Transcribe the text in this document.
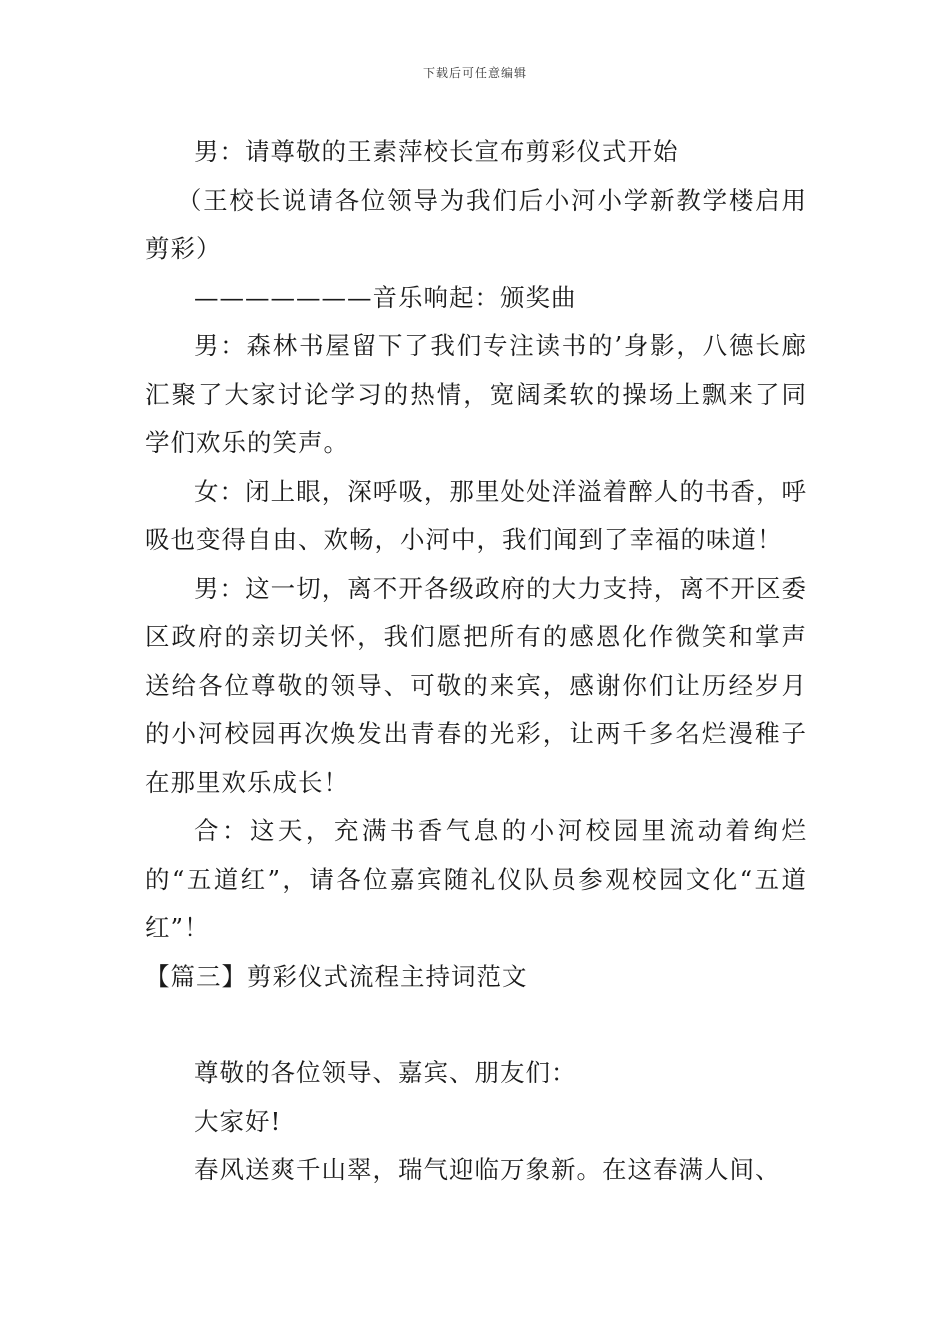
下载后可任意编辑

男：请尊敬的王素萍校长宣布剪彩仪式开始

（王校长说请各位领导为我们后小河小学新教学楼启用剪彩）

———————音乐响起：颁奖曲

男：森林书屋留下了我们专注读书的’身影，八德长廊汇聚了大家讨论学习的热情，宽阔柔软的操场上飘来了同学们欢乐的笑声。

女：闭上眼，深呼吸，那里处处洋溢着醉人的书香，呼吸也变得自由、欢畅，小河中，我们闻到了幸福的味道！

男：这一切，离不开各级政府的大力支持，离不开区委区政府的亲切关怀，我们愿把所有的感恩化作微笑和掌声送给各位尊敬的领导、可敬的来宾，感谢你们让历经岁月的小河校园再次焕发出青春的光彩，让两千多名烂漫稚子在那里欢乐成长！

合：这天，充满书香气息的小河校园里流动着绚烂的“五道红”，请各位嘉宾随礼仪队员参观校园文化“五道红”！

【篇三】剪彩仪式流程主持词范文

尊敬的各位领导、嘉宾、朋友们：

大家好!

春风送爽千山翠，瑞气迎临万象新。在这春满人间、
